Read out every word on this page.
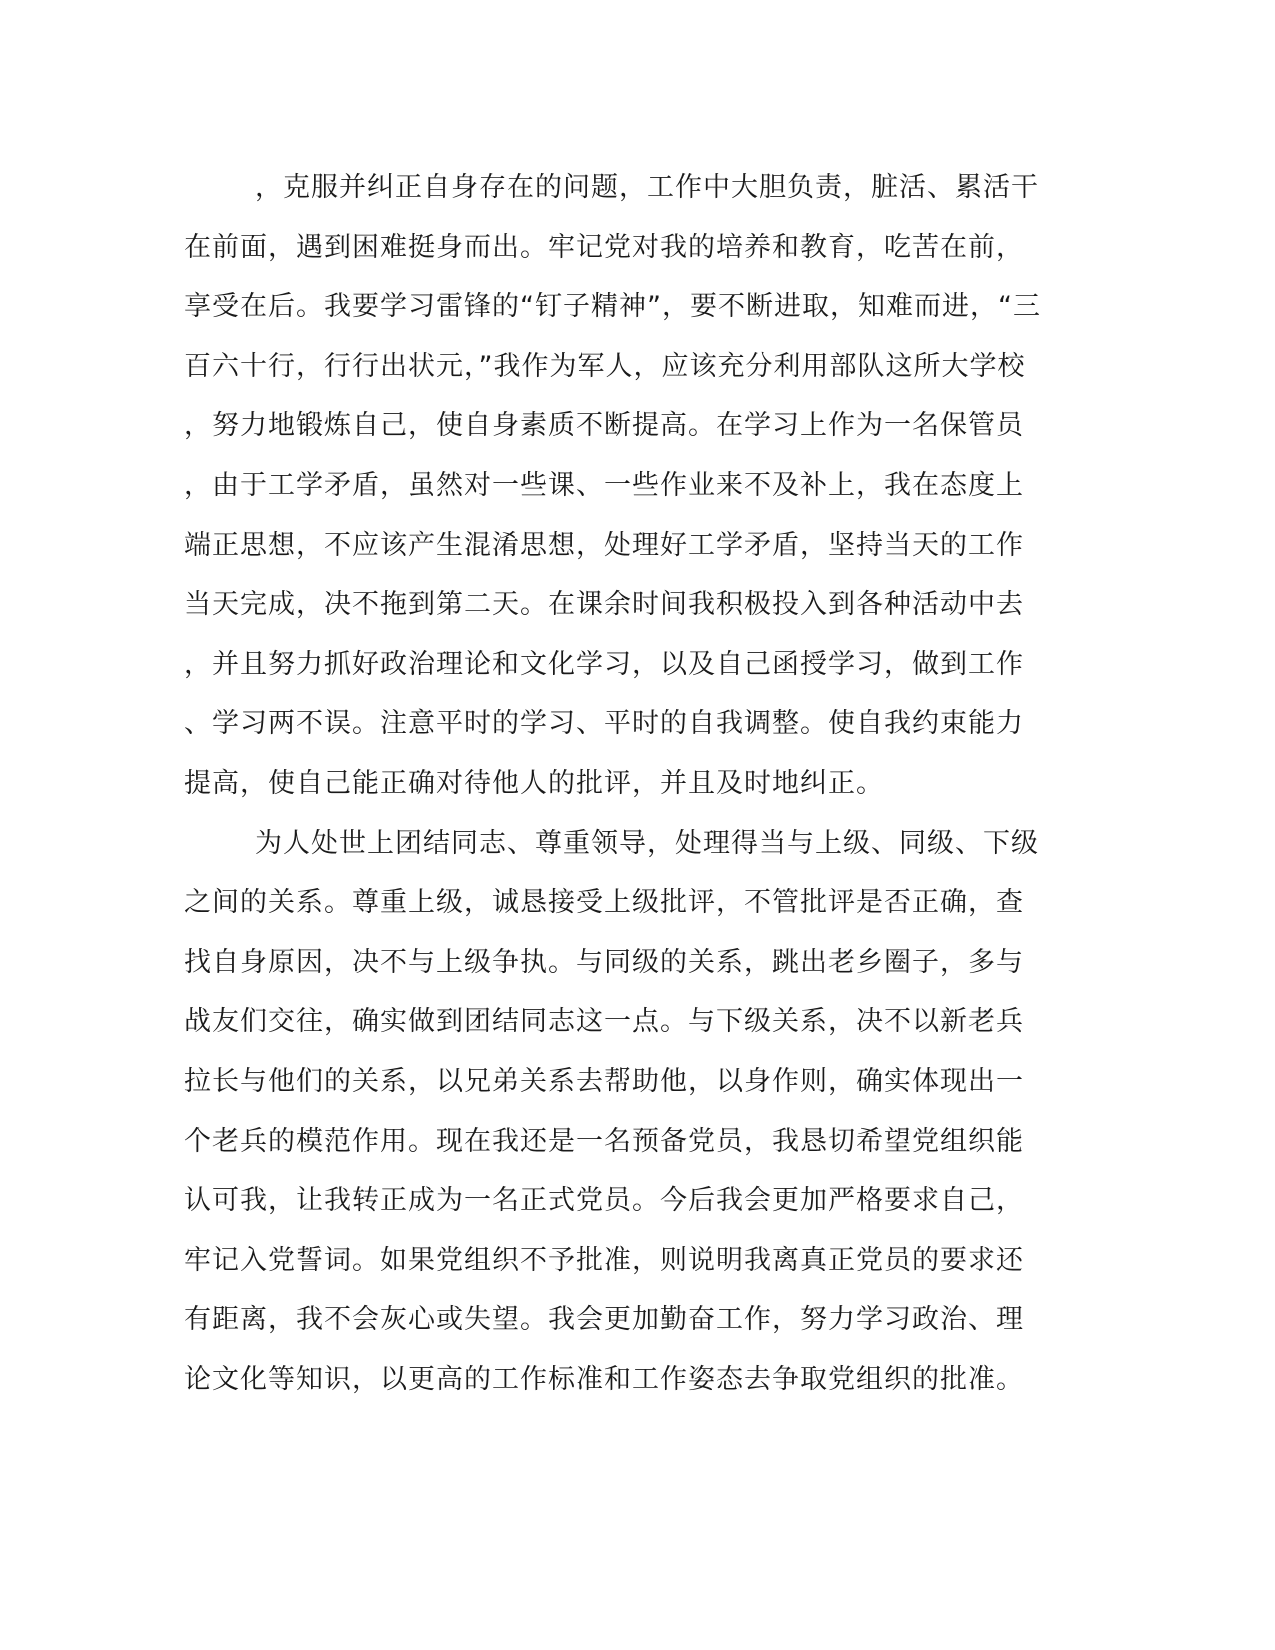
，克服并纠正自身存在的问题，工作中大胆负责，脏活、累活干
在前面，遇到困难挺身而出。牢记党对我的培养和教育，吃苦在前，
享受在后。我要学习雷锋的“钉子精神”，要不断进取，知难而进，“三
百六十行，行行出状元，”我作为军人，应该充分利用部队这所大学校
，努力地锻炼自己，使自身素质不断提高。在学习上作为一名保管员
，由于工学矛盾，虽然对一些课、一些作业来不及补上，我在态度上
端正思想，不应该产生混淆思想，处理好工学矛盾，坚持当天的工作
当天完成，决不拖到第二天。在课余时间我积极投入到各种活动中去
，并且努力抓好政治理论和文化学习，以及自己函授学习，做到工作
、学习两不误。注意平时的学习、平时的自我调整。使自我约束能力
提高，使自己能正确对待他人的批评，并且及时地纠正。
为人处世上团结同志、尊重领导，处理得当与上级、同级、下级
之间的关系。尊重上级，诚恳接受上级批评，不管批评是否正确，查
找自身原因，决不与上级争执。与同级的关系，跳出老乡圈子，多与
战友们交往，确实做到团结同志这一点。与下级关系，决不以新老兵
拉长与他们的关系，以兄弟关系去帮助他，以身作则，确实体现出一
个老兵的模范作用。现在我还是一名预备党员，我恳切希望党组织能
认可我，让我转正成为一名正式党员。今后我会更加严格要求自己，
牢记入党誓词。如果党组织不予批准，则说明我离真正党员的要求还
有距离，我不会灰心或失望。我会更加勤奋工作，努力学习政治、理
论文化等知识，以更高的工作标准和工作姿态去争取党组织的批准。
